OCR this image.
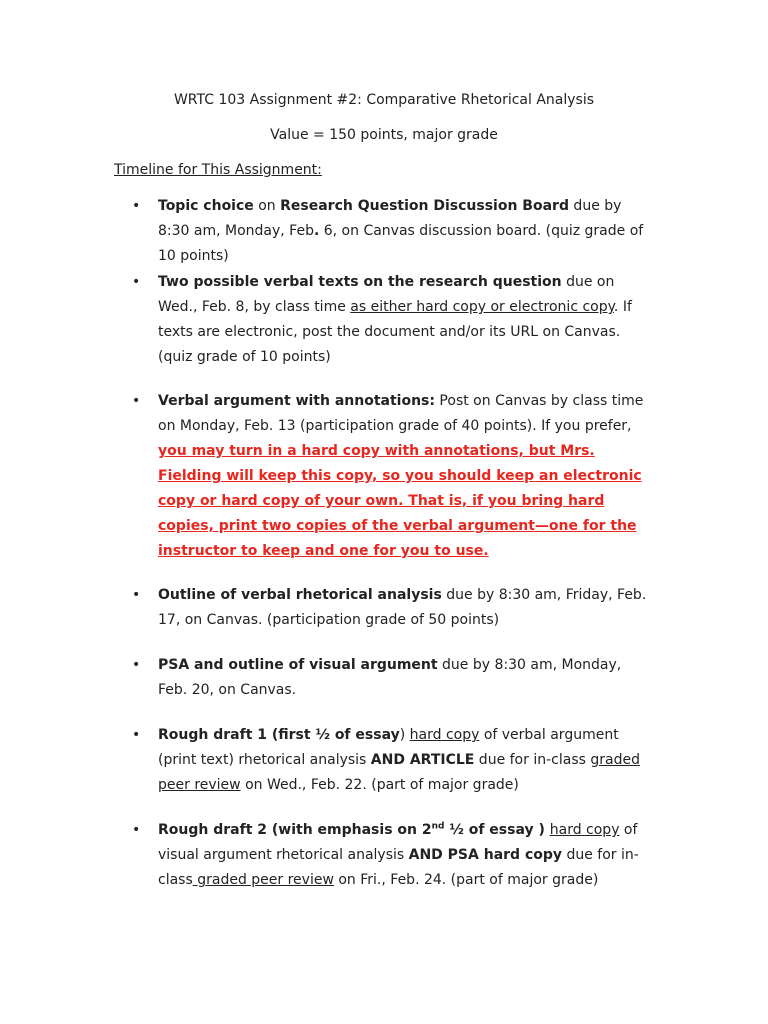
WRTC 103 Assignment #2: Comparative Rhetorical Analysis
Value = 150 points, major grade
Timeline for This Assignment:
• Topic choice on Research Question Discussion Board due by 8:30 am, Monday, Feb. 6, on Canvas discussion board. (quiz grade of 10 points)
• Two possible verbal texts on the research question due on Wed., Feb. 8, by class time as either hard copy or electronic copy. If texts are electronic, post the document and/or its URL on Canvas. (quiz grade of 10 points)
• Verbal argument with annotations: Post on Canvas by class time on Monday, Feb. 13 (participation grade of 40 points). If you prefer, you may turn in a hard copy with annotations, but Mrs. Fielding will keep this copy, so you should keep an electronic copy or hard copy of your own. That is, if you bring hard copies, print two copies of the verbal argument—one for the instructor to keep and one for you to use.
• Outline of verbal rhetorical analysis due by 8:30 am, Friday, Feb. 17, on Canvas. (participation grade of 50 points)
• PSA and outline of visual argument due by 8:30 am, Monday, Feb. 20, on Canvas.
• Rough draft 1 (first ½ of essay) hard copy of verbal argument (print text) rhetorical analysis AND ARTICLE due for in-class graded peer review on Wed., Feb. 22. (part of major grade)
• Rough draft 2 (with emphasis on 2nd ½ of essay ) hard copy of visual argument rhetorical analysis AND PSA hard copy due for in-class graded peer review on Fri., Feb. 24. (part of major grade)
